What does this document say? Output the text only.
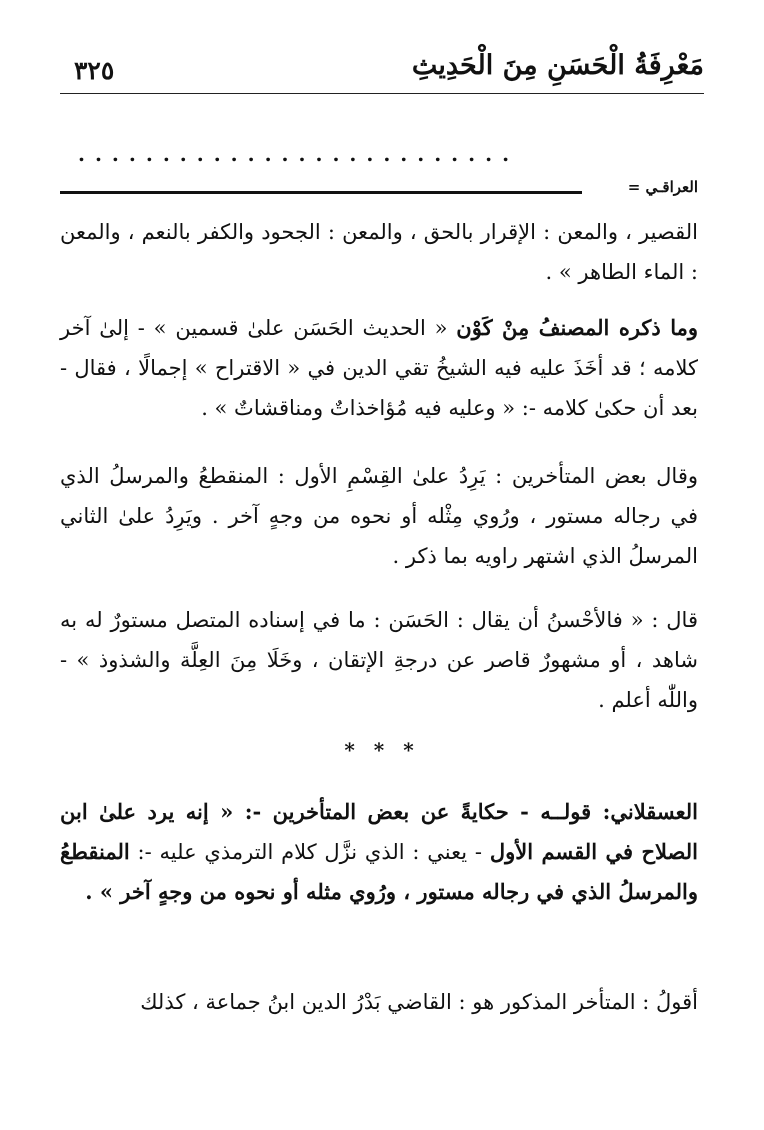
مَعْرِفَةُ الْحَسَنِ مِنَ الْحَدِيثِ
٣٢٥
..........................
العراقـي =
القصير ، والمعن : الإقرار بالحق ، والمعن : الجحود والكفر بالنعم ، والمعن : الماء الطاهر » .
وما ذكره المصنفُ مِنْ كَوْن « الحديث الحَسَن علىٰ قسمين » - إلىٰ آخر كلامه ؛ قد أخَذَ عليه فيه الشيخُ تقي الدين في « الاقتراح » إجمالًا ، فقال - بعد أن حكىٰ كلامه -: « وعليه فيه مُؤاخذاتٌ ومناقشاتٌ » .
وقال بعض المتأخرين : يَرِدُ علىٰ القِسْمِ الأول : المنقطعُ والمرسلُ الذي في رجاله مستور ، ورُوي مِثْله أو نحوه من وجهٍ آخر . ويَرِدُ علىٰ الثاني المرسلُ الذي اشتهر راويه بما ذكر .
قال : « فالأحْسنُ أن يقال : الحَسَن : ما في إسناده المتصل مستورٌ له به شاهد ، أو مشهورٌ قاصر عن درجةِ الإتقان ، وخَلَا مِنَ العِلَّة والشذوذ » - واللّٰه أعلم .
* * *
العسقلاني: قولــه - حكايةً عن بعض المتأخرين -: « إنه يرد علىٰ ابن الصلاح في القسم الأول - يعني : الذي نزَّل كلام الترمذي عليه -: المنقطعُ والمرسلُ الذي في رجاله مستور ، ورُوي مثله أو نحوه من وجهٍ آخر » .
أقولُ : المتأخر المذكور هو : القاضي بَدْرُ الدين ابنُ جماعة ، كذلك
